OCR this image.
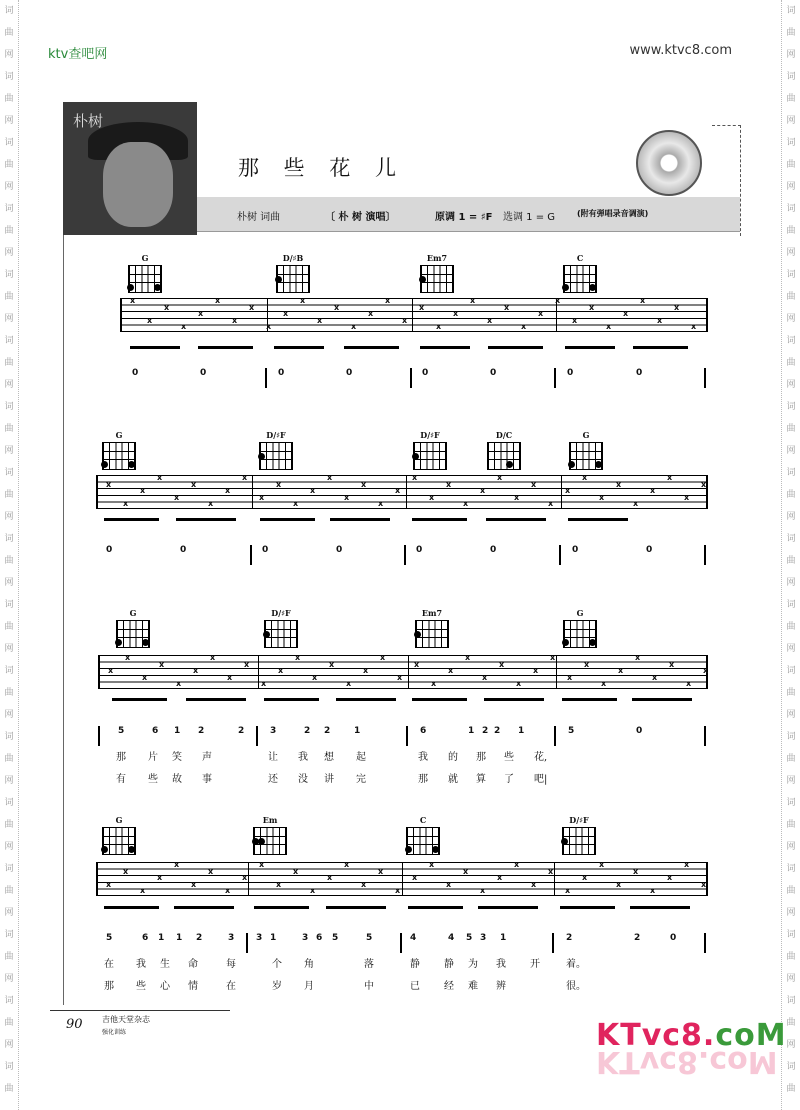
词
曲
网
词
曲
网
词
曲
网
词
曲
网
词
曲
网
词
曲
网
词
曲
网
词
曲
网
词
曲
网
词
曲
网
词
曲
网
词
曲
网
词
曲
网
词
曲
网
词
曲
网
词
曲
网
词
曲
词
曲
网
词
曲
网
词
曲
网
词
曲
网
词
曲
网
词
曲
网
词
曲
网
词
曲
网
词
曲
网
词
曲
网
词
曲
网
词
曲
网
词
曲
网
词
曲
网
词
曲
网
词
曲
网
词
曲
ktv查吧网	www.ktvc8.com
朴树
那 些 花 儿
朴树 词曲	〔 朴 树 演唱〕	原调 1 = ♯F 选调 1 = G	(附有弹唱录音调演)
G	D/♯B	Em7	C
x
x
x
x
x
x
x
x
x
x
x
x
x
x
x
x
x
x
x
x
x
x
x
x
x
x
x
x
x
x
x
x
x
x
0	0	0	0	0	0	0	0
G	D/♯F	D/♯F	D/C	G
x
x
x
x
x
x
x
x
x
x
x
x
x
x
x
x
x
x
x
x
x
x
x
x
x
x
x
x
x
x
x
x
x
x
x
x
0	0	0	0	0	0	0	0
G	D/♯F	Em7	G
x
x
x
x
x
x
x
x
x
x
x
x
x
x
x
x
x
x
x
x
x
x
x
x
x
x
x
x
x
x
x
x
x
x
x
x
5	6 1 2	2	3	2 2	1	6	1 2 2 1	5	0
那 片 笑 声	让 我 想 起	我 的 那 些 花,
有 些 故 事	还 没 讲 完	那 就 算 了 吧|
G	Em	C	D/♯F
x
x
x
x
x
x
x
x
x
x
x
x
x
x
x
x
x
x
x
x
x
x
x
x
x
x
x
x
x
x
x
x
x
x
x
x
5	6 1 1 2	3 3 1	3 6 5	5	4	4 5 3 1	2	2	0
在 我 生 命	每	个 角	落	静 静 为 我 开	着。
那 些 心 情	在	岁 月	中	已 经 难 辨	很。
90 吉他天堂杂志
强化训练	KTvc8.coM
KTvc8.coM
